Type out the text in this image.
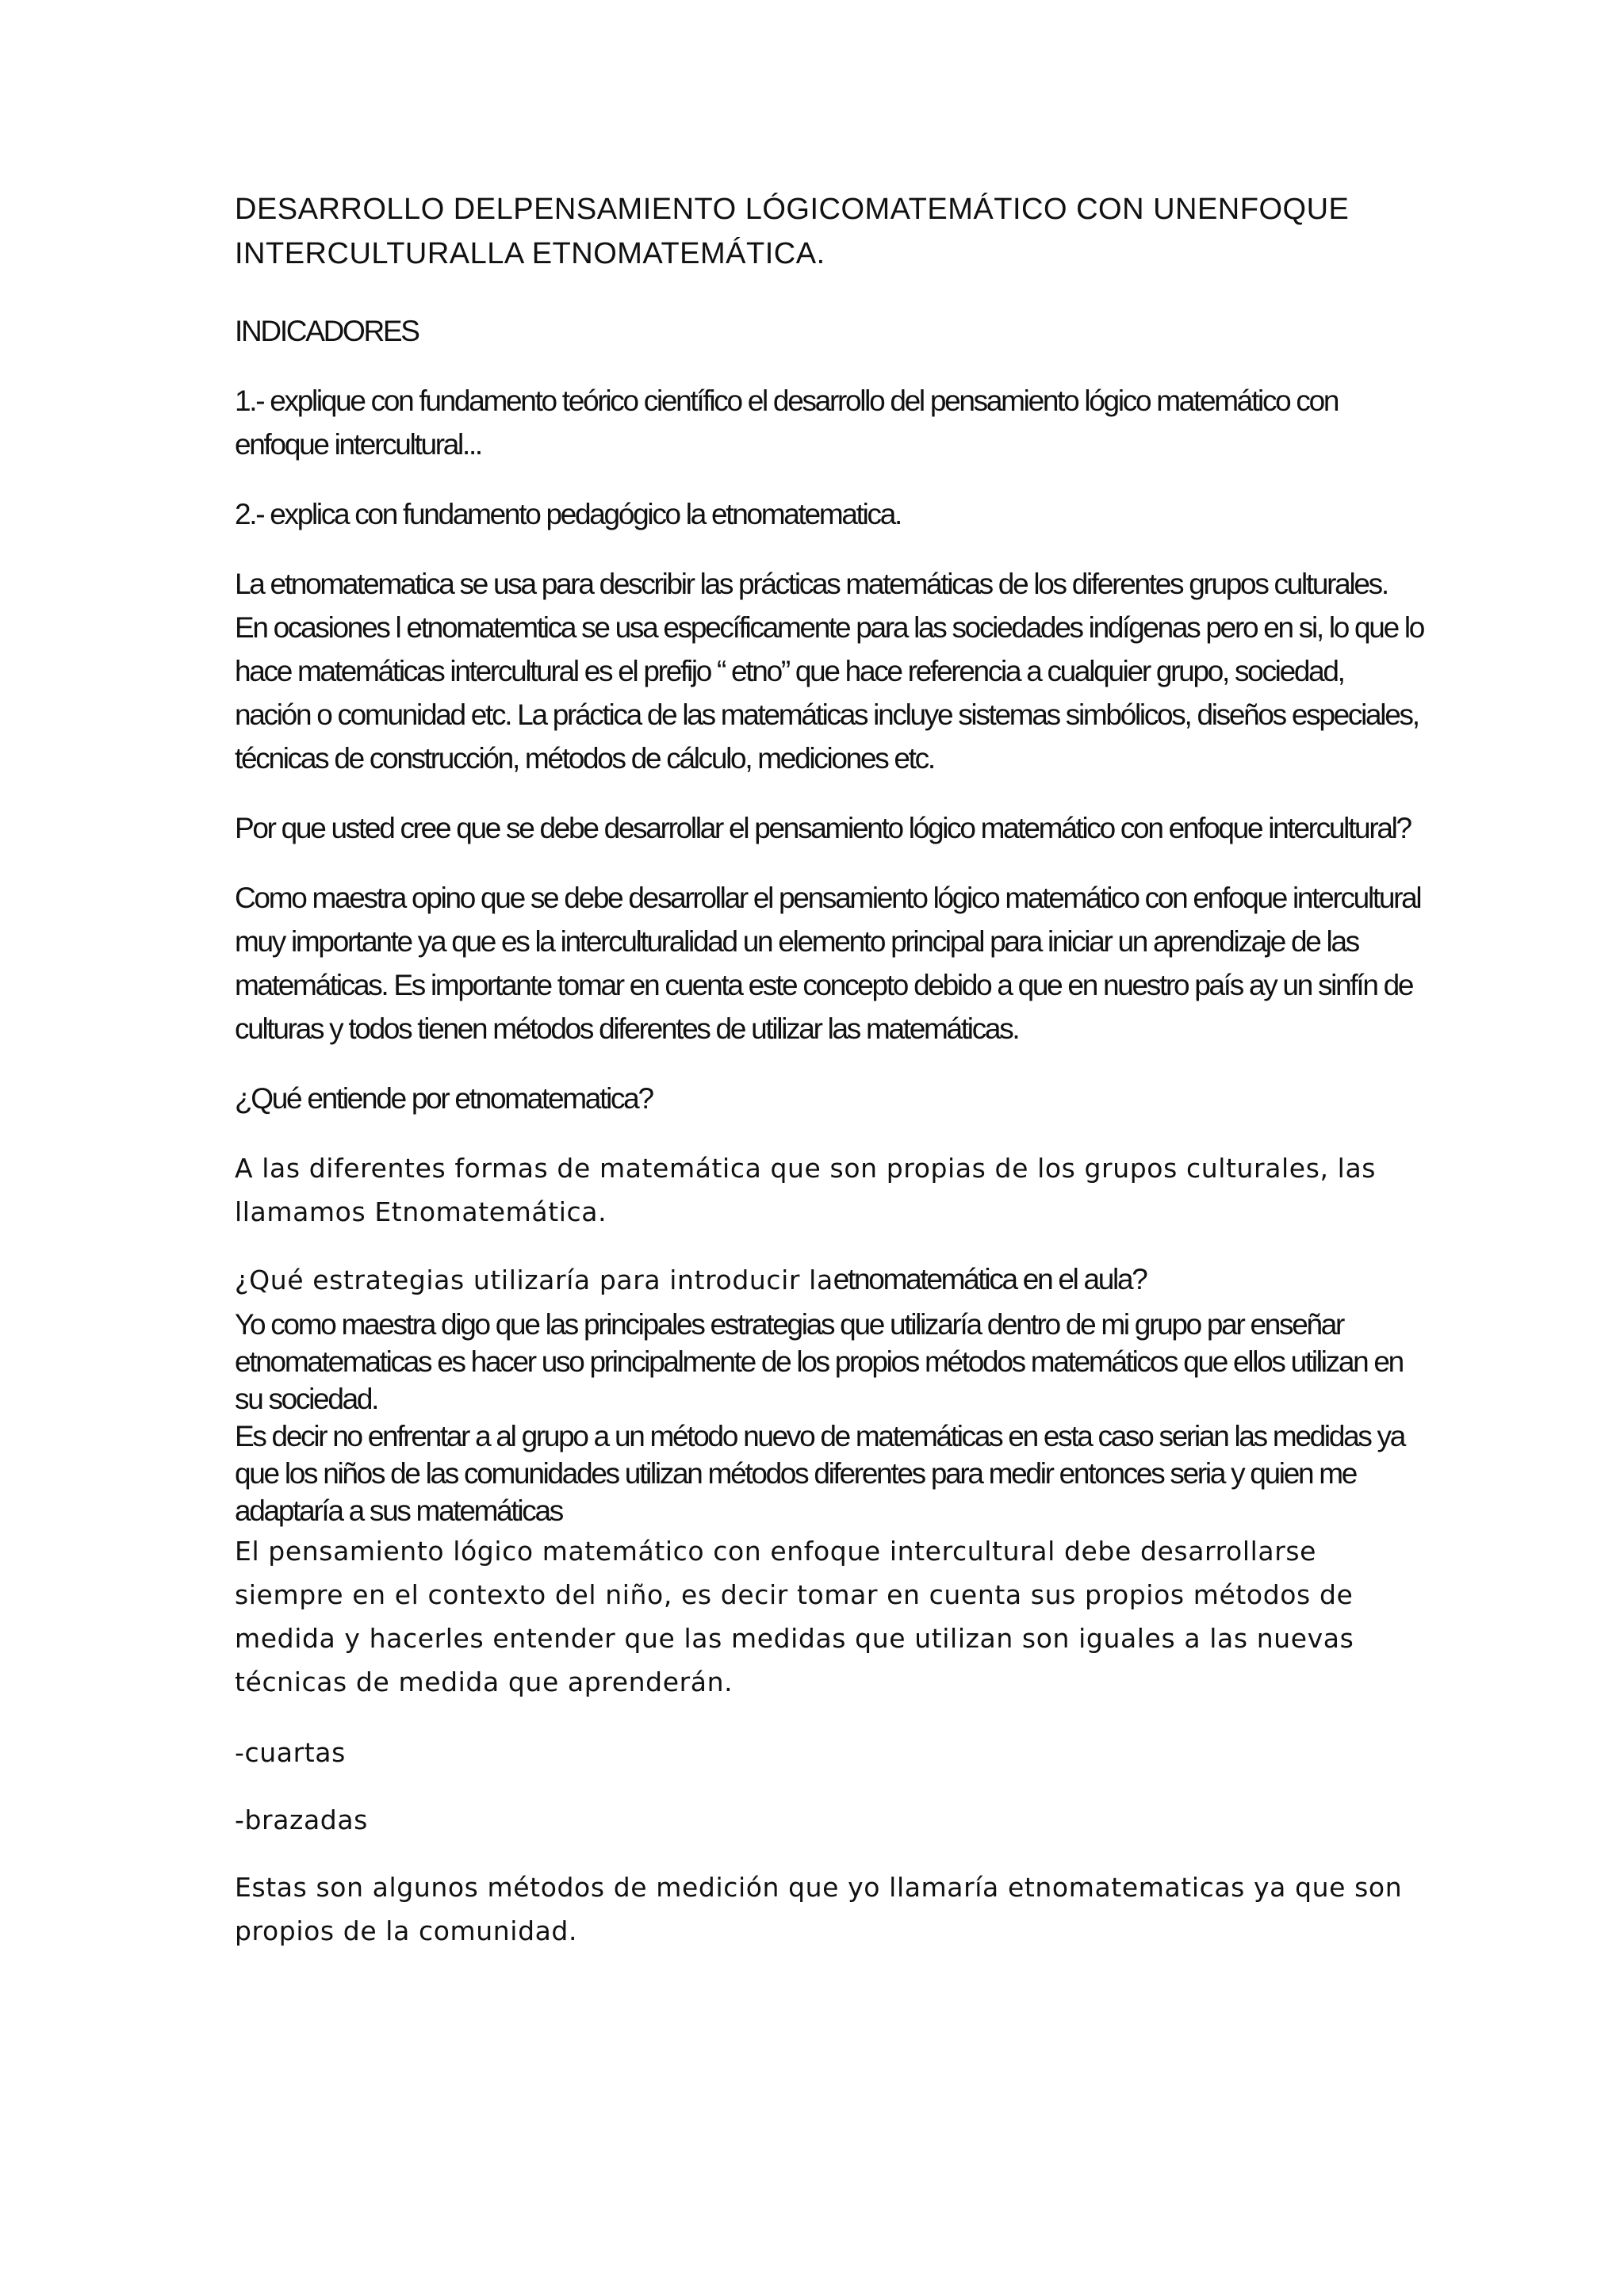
DESARROLLO DELPENSAMIENTO LÓGICOMATEMÁTICO CON UNENFOQUE INTERCULTURALLA ETNOMATEMÁTICA.

INDICADORES

1.- explique con fundamento teórico científico el desarrollo del pensamiento lógico matemático con enfoque intercultural...

2.- explica con fundamento pedagógico la etnomatematica.

La etnomatematica se usa para describir las prácticas matemáticas de los diferentes grupos culturales. En ocasiones l etnomatemtica se usa específicamente para las sociedades indígenas pero en si, lo que lo hace matemáticas intercultural es el prefijo “ etno” que hace referencia a cualquier grupo, sociedad, nación o comunidad etc. La práctica de las matemáticas incluye sistemas simbólicos, diseños especiales, técnicas de construcción, métodos de cálculo, mediciones etc.

Por que usted cree que se debe desarrollar el pensamiento lógico matemático con enfoque intercultural?

Como maestra opino que se debe desarrollar el pensamiento lógico matemático con enfoque intercultural muy importante ya que es la interculturalidad un elemento principal para iniciar un aprendizaje de las matemáticas. Es importante tomar en cuenta este concepto debido a que en nuestro país ay un sinfín de culturas y todos tienen métodos diferentes de utilizar las matemáticas.

¿Qué entiende por etnomatematica?

A las diferentes formas de matemática que son propias de los grupos culturales, las llamamos Etnomatemática.

¿Qué estrategias utilizaría para introducir laetnomatemática en el aula?

Yo como maestra digo que las principales estrategias que utilizaría dentro de mi grupo par enseñar etnomatematicas es hacer uso principalmente de los propios métodos matemáticos que ellos utilizan en su sociedad.

Es decir no enfrentar a al grupo a un método nuevo de matemáticas en esta caso serian las medidas ya que los niños de las comunidades utilizan métodos diferentes para medir entonces seria y quien me adaptaría a sus matemáticas

El pensamiento lógico matemático con enfoque intercultural debe desarrollarse siempre en el contexto del niño, es decir tomar en cuenta sus propios métodos de medida y hacerles entender que las medidas que utilizan son iguales a las nuevas técnicas de medida que aprenderán.

-cuartas

-brazadas

Estas son algunos métodos de medición que yo llamaría etnomatematicas ya que son propios de la comunidad.
